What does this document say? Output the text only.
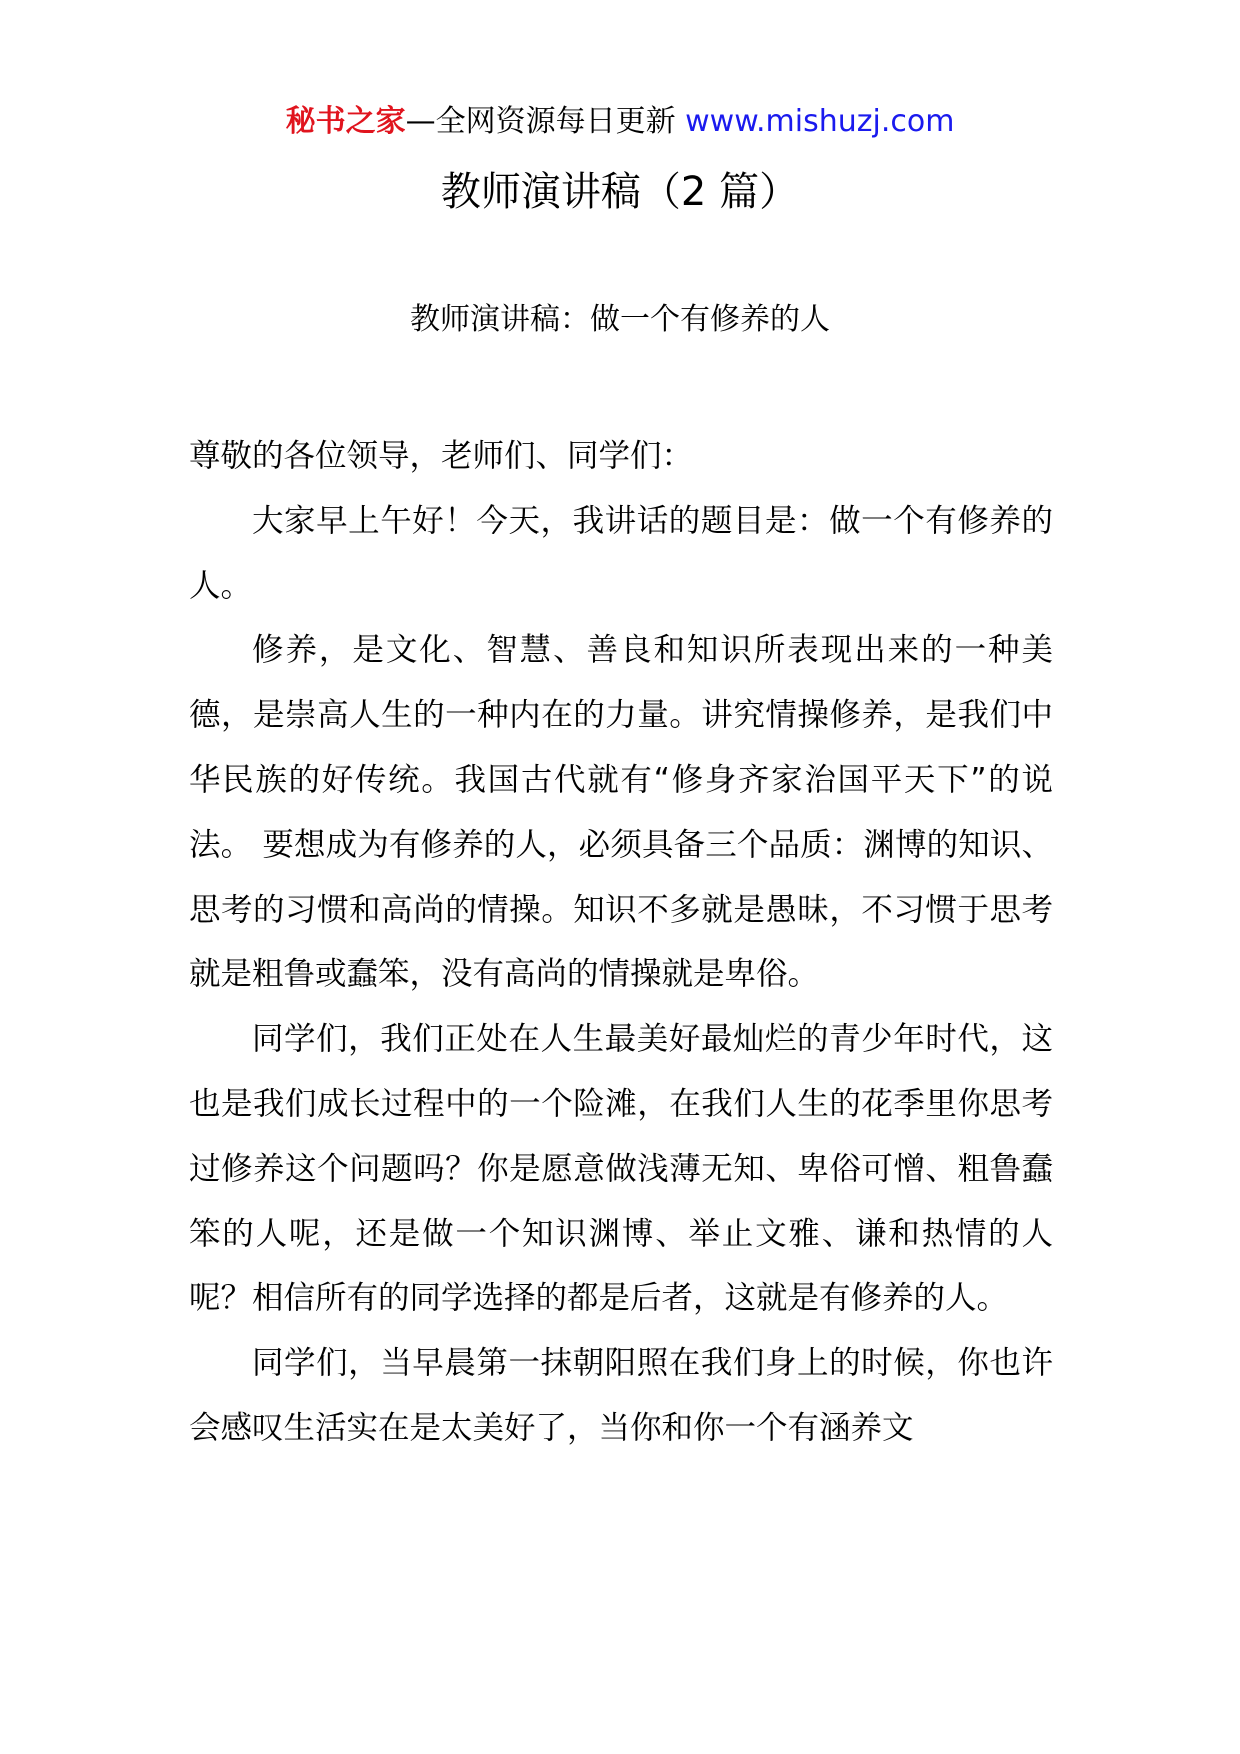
秘书之家—全网资源每日更新 www.mishuzj.com
教师演讲稿（2 篇）
教师演讲稿：做一个有修养的人

尊敬的各位领导，老师们、同学们：

大家早上午好！今天，我讲话的题目是：做一个有修养的人。

修养，是文化、智慧、善良和知识所表现出来的一种美德，是崇高人生的一种内在的力量。讲究情操修养，是我们中华民族的好传统。我国古代就有“修身齐家治国平天下”的说法。 要想成为有修养的人，必须具备三个品质：渊博的知识、思考的习惯和高尚的情操。知识不多就是愚昧，不习惯于思考就是粗鲁或蠢笨，没有高尚的情操就是卑俗。

同学们，我们正处在人生最美好最灿烂的青少年时代，这也是我们成长过程中的一个险滩，在我们人生的花季里你思考过修养这个问题吗？你是愿意做浅薄无知、卑俗可憎、粗鲁蠢笨的人呢，还是做一个知识渊博、举止文雅、谦和热情的人呢？相信所有的同学选择的都是后者，这就是有修养的人。

同学们，当早晨第一抹朝阳照在我们身上的时候，你也许会感叹生活实在是太美好了，当你和你一个有涵养文
